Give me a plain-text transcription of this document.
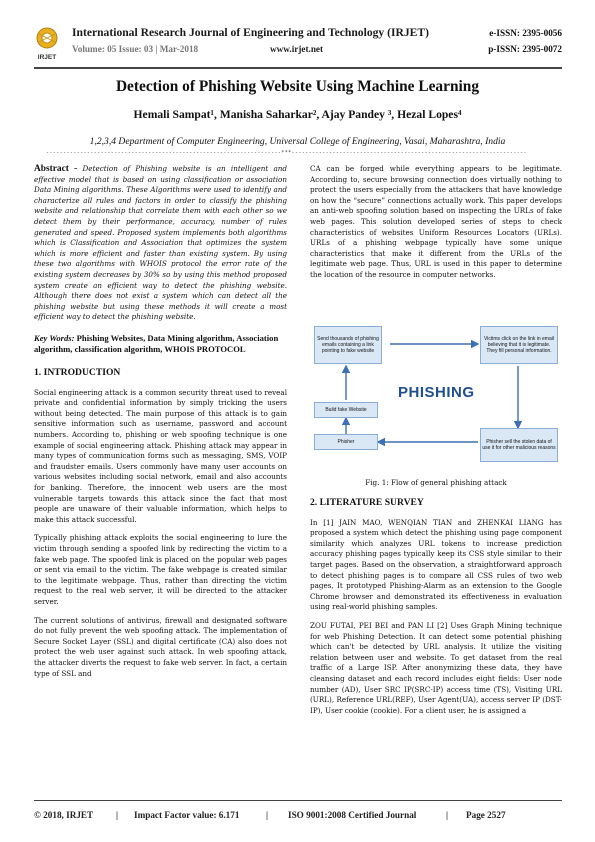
IRJET
International Research Journal of Engineering and Technology (IRJET)
Volume: 05 Issue: 03 | Mar-2018	www.irjet.net
e-ISSN: 2395-0056
p-ISSN: 2395-0072
Detection of Phishing Website Using Machine Learning
Hemali Sampat¹, Manisha Saharkar², Ajay Pandey ³, Hezal Lopes⁴
1,2,3,4 Department of Computer Engineering, Universal College of Engineering, Vasai, Maharashtra, India
---------------------------------------------------------------------***---------------------------------------------------------------------

Abstract - Detection of Phishing website is an intelligent and effective model that is based on using classification or association Data Mining algorithms. These Algorithms were used to identify and characterize all rules and factors in order to classify the phishing website and relationship that correlate them with each other so we detect them by their performance, accuracy, number of rules generated and speed. Proposed system implements both algorithms which is Classification and Association that optimizes the system which is more efficient and faster than existing system. By using these two algorithms with WHOIS protocol the error rate of the existing system decreases by 30% so by using this method proposed system create an efficient way to detect the phishing website. Although there does not exist a system which can detect all the phishing website but using these methods it will create a most efficient way to detect the phishing website.

Key Words: Phishing Websites, Data Mining algorithm, Association algorithm, classification algorithm, WHOIS PROTOCOL
1. INTRODUCTION

Social engineering attack is a common security threat used to reveal private and confidential information by simply tricking the users without being detected. The main purpose of this attack is to gain sensitive information such as username, password and account numbers. According to, phishing or web spoofing technique is one example of social engineering attack. Phishing attack may appear in many types of communication forms such as messaging, SMS, VOIP and fraudster emails. Users commonly have many user accounts on various websites including social network, email and also accounts for banking. Therefore, the innocent web users are the most vulnerable targets towards this attack since the fact that most people are unaware of their valuable information, which helps to make this attack successful.

Typically phishing attack exploits the social engineering to lure the victim through sending a spoofed link by redirecting the victim to a fake web page. The spoofed link is placed on the popular web pages or sent via email to the victim. The fake webpage is created similar to the legitimate webpage. Thus, rather than directing the victim request to the real web server, it will be directed to the attacker server.

The current solutions of antivirus, firewall and designated software do not fully prevent the web spoofing attack. The implementation of Secure Socket Layer (SSL) and digital certificate (CA) also does not protect the web user against such attack. In web spoofing attack, the attacker diverts the request to fake web server. In fact, a certain type of SSL and

CA can be forged while everything appears to be legitimate. According to, secure browsing connection does virtually nothing to protect the users especially from the attackers that have knowledge on how the “secure” connections actually work. This paper develops an anti-web spoofing solution based on inspecting the URLs of fake web pages. This solution developed series of steps to check characteristics of websites Uniform Resources Locators (URLs). URLs of a phishing webpage typically have some unique characteristics that make it different from the URLs of the legitimate web page. Thus, URL is used in this paper to determine the location of the resource in computer networks.

Send thousands of phishing emails containing a link pointing to fake website
Victims click on the link in email believing that it is legitimate. They fill personal information.
Build fake Website
PHISHING
Phisher	Phisher sell the stolen data of use it for other malicious reasons
Fig. 1: Flow of general phishing attack
2. LITERATURE SURVEY

In [1] JAIN MAO, WENQIAN TIAN and ZHENKAI LIANG has proposed a system which detect the phishing using page component similarity which analyzes URL tokens to increase prediction accuracy phishing pages typically keep its CSS style similar to their target pages. Based on the observation, a straightforward approach to detect phishing pages is to compare all CSS rules of two web pages, It prototyped Phishing-Alarm as an extension to the Google Chrome browser and demonstrated its effectiveness in evaluation using real-world phishing samples.

ZOU FUTAI, PEI BEI and PAN LI [2] Uses Graph Mining technique for web Phishing Detection. It can detect some potential phishing which can't be detected by URL analysis. It utilize the visiting relation between user and website. To get dataset from the real traffic of a Large ISP. After anonymizing these data, they have cleansing dataset and each record includes eight fields: User node number (AD), User SRC IP(SRC-IP) access time (TS), Visiting URL (URL), Reference URL(REF), User Agent(UA), access server IP (DST-IP), User cookie (cookie). For a client user, he is assigned a

© 2018, IRJET | Impact Factor value: 6.171	| ISO 9001:2008 Certified Journal	| Page 2527
